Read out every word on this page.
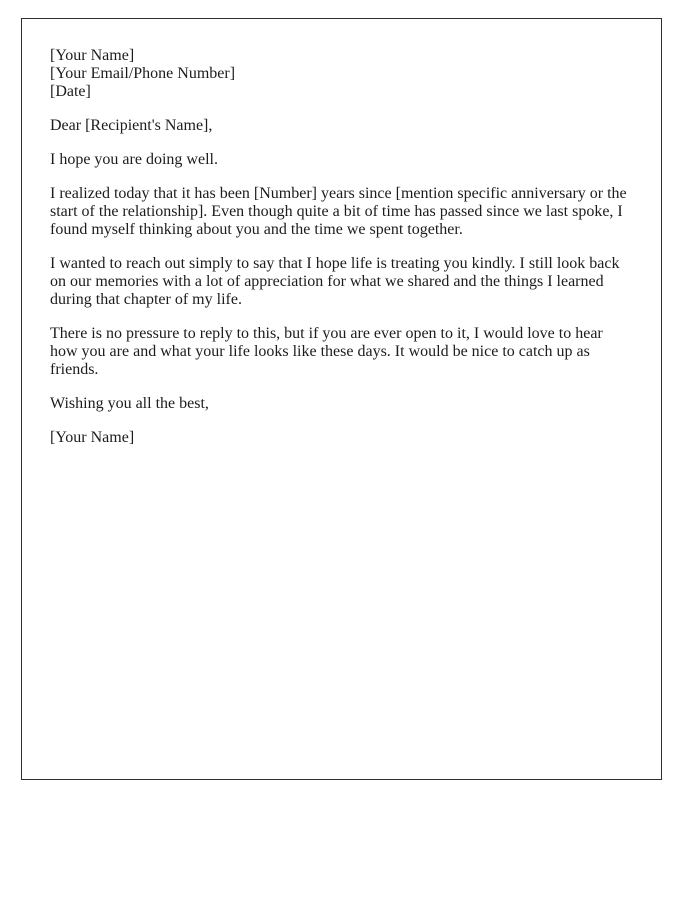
[Your Name]
[Your Email/Phone Number]
[Date]

Dear [Recipient's Name],

I hope you are doing well.

I realized today that it has been [Number] years since [mention specific anniversary or the start of the relationship]. Even though quite a bit of time has passed since we last spoke, I found myself thinking about you and the time we spent together.

I wanted to reach out simply to say that I hope life is treating you kindly. I still look back on our memories with a lot of appreciation for what we shared and the things I learned during that chapter of my life.

There is no pressure to reply to this, but if you are ever open to it, I would love to hear how you are and what your life looks like these days. It would be nice to catch up as friends.

Wishing you all the best,

[Your Name]
